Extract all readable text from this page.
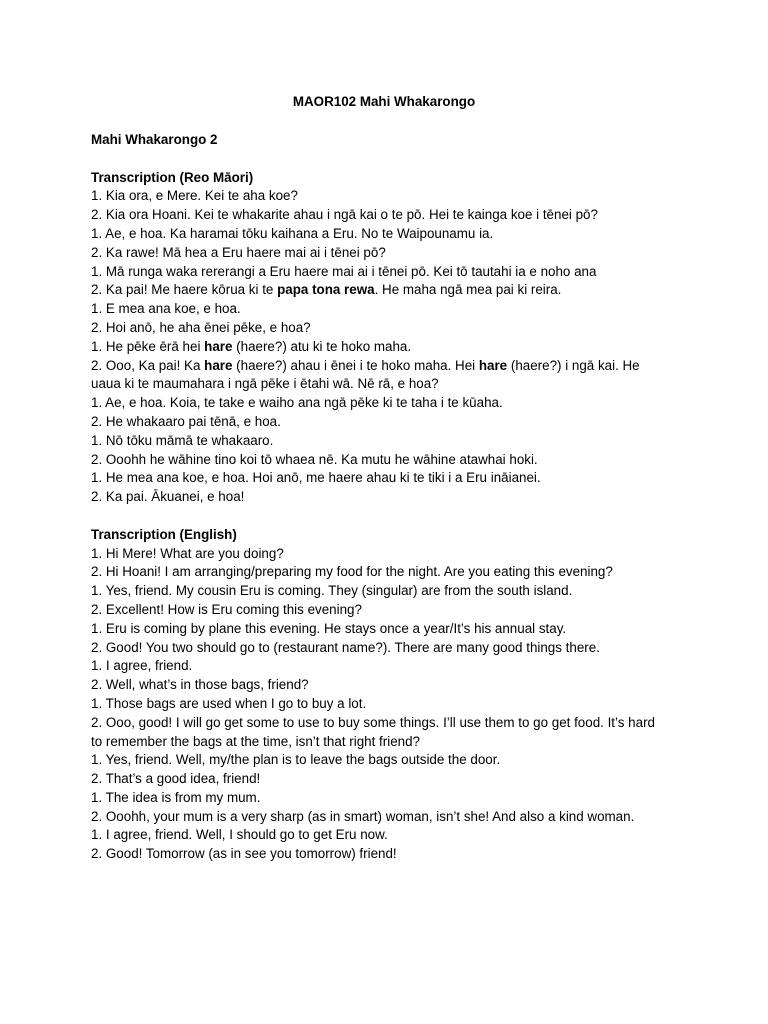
MAOR102 Mahi Whakarongo
Mahi Whakarongo 2
Transcription (Reo Māori)
1. Kia ora, e Mere. Kei te aha koe?
2. Kia ora Hoani. Kei te whakarite ahau i ngā kai o te pō. Hei te kainga koe i tēnei pō?
1. Ae, e hoa. Ka haramai tōku kaihana a Eru. No te Waipounamu ia.
2. Ka rawe! Mā hea a Eru haere mai ai i tēnei pō?
1. Mā runga waka rererangi a Eru haere mai ai i tēnei pō. Kei tō tautahi ia e noho ana
2. Ka pai! Me haere kōrua ki te papa tona rewa. He maha ngā mea pai ki reira.
1. E mea ana koe, e hoa.
2. Hoi anō, he aha ēnei pēke, e hoa?
1. He pēke ērā hei hare (haere?) atu ki te hoko maha.
2. Ooo, Ka pai! Ka hare (haere?) ahau i ēnei i te hoko maha. Hei hare (haere?) i ngā kai. He
uaua ki te maumahara i ngā pēke i ētahi wā. Nē rā, e hoa?
1. Ae, e hoa. Koia, te take e waiho ana ngā pēke ki te taha i te kūaha.
2. He whakaaro pai tēnā, e hoa.
1. Nō tōku māmā te whakaaro.
2. Ooohh he wāhine tino koi tō whaea nē. Ka mutu he wāhine atawhai hoki.
1. He mea ana koe, e hoa. Hoi anō, me haere ahau ki te tiki i a Eru ināianei.
2. Ka pai. Ākuanei, e hoa!
Transcription (English)
1. Hi Mere! What are you doing?
2. Hi Hoani! I am arranging/preparing my food for the night. Are you eating this evening?
1. Yes, friend. My cousin Eru is coming. They (singular) are from the south island.
2. Excellent! How is Eru coming this evening?
1. Eru is coming by plane this evening. He stays once a year/It’s his annual stay.
2. Good! You two should go to (restaurant name?). There are many good things there.
1. I agree, friend.
2. Well, what’s in those bags, friend?
1. Those bags are used when I go to buy a lot.
2. Ooo, good! I will go get some to use to buy some things. I’ll use them to go get food. It’s hard
to remember the bags at the time, isn’t that right friend?
1. Yes, friend. Well, my/the plan is to leave the bags outside the door.
2. That’s a good idea, friend!
1. The idea is from my mum.
2. Ooohh, your mum is a very sharp (as in smart) woman, isn’t she! And also a kind woman.
1. I agree, friend. Well, I should go to get Eru now.
2. Good! Tomorrow (as in see you tomorrow) friend!
